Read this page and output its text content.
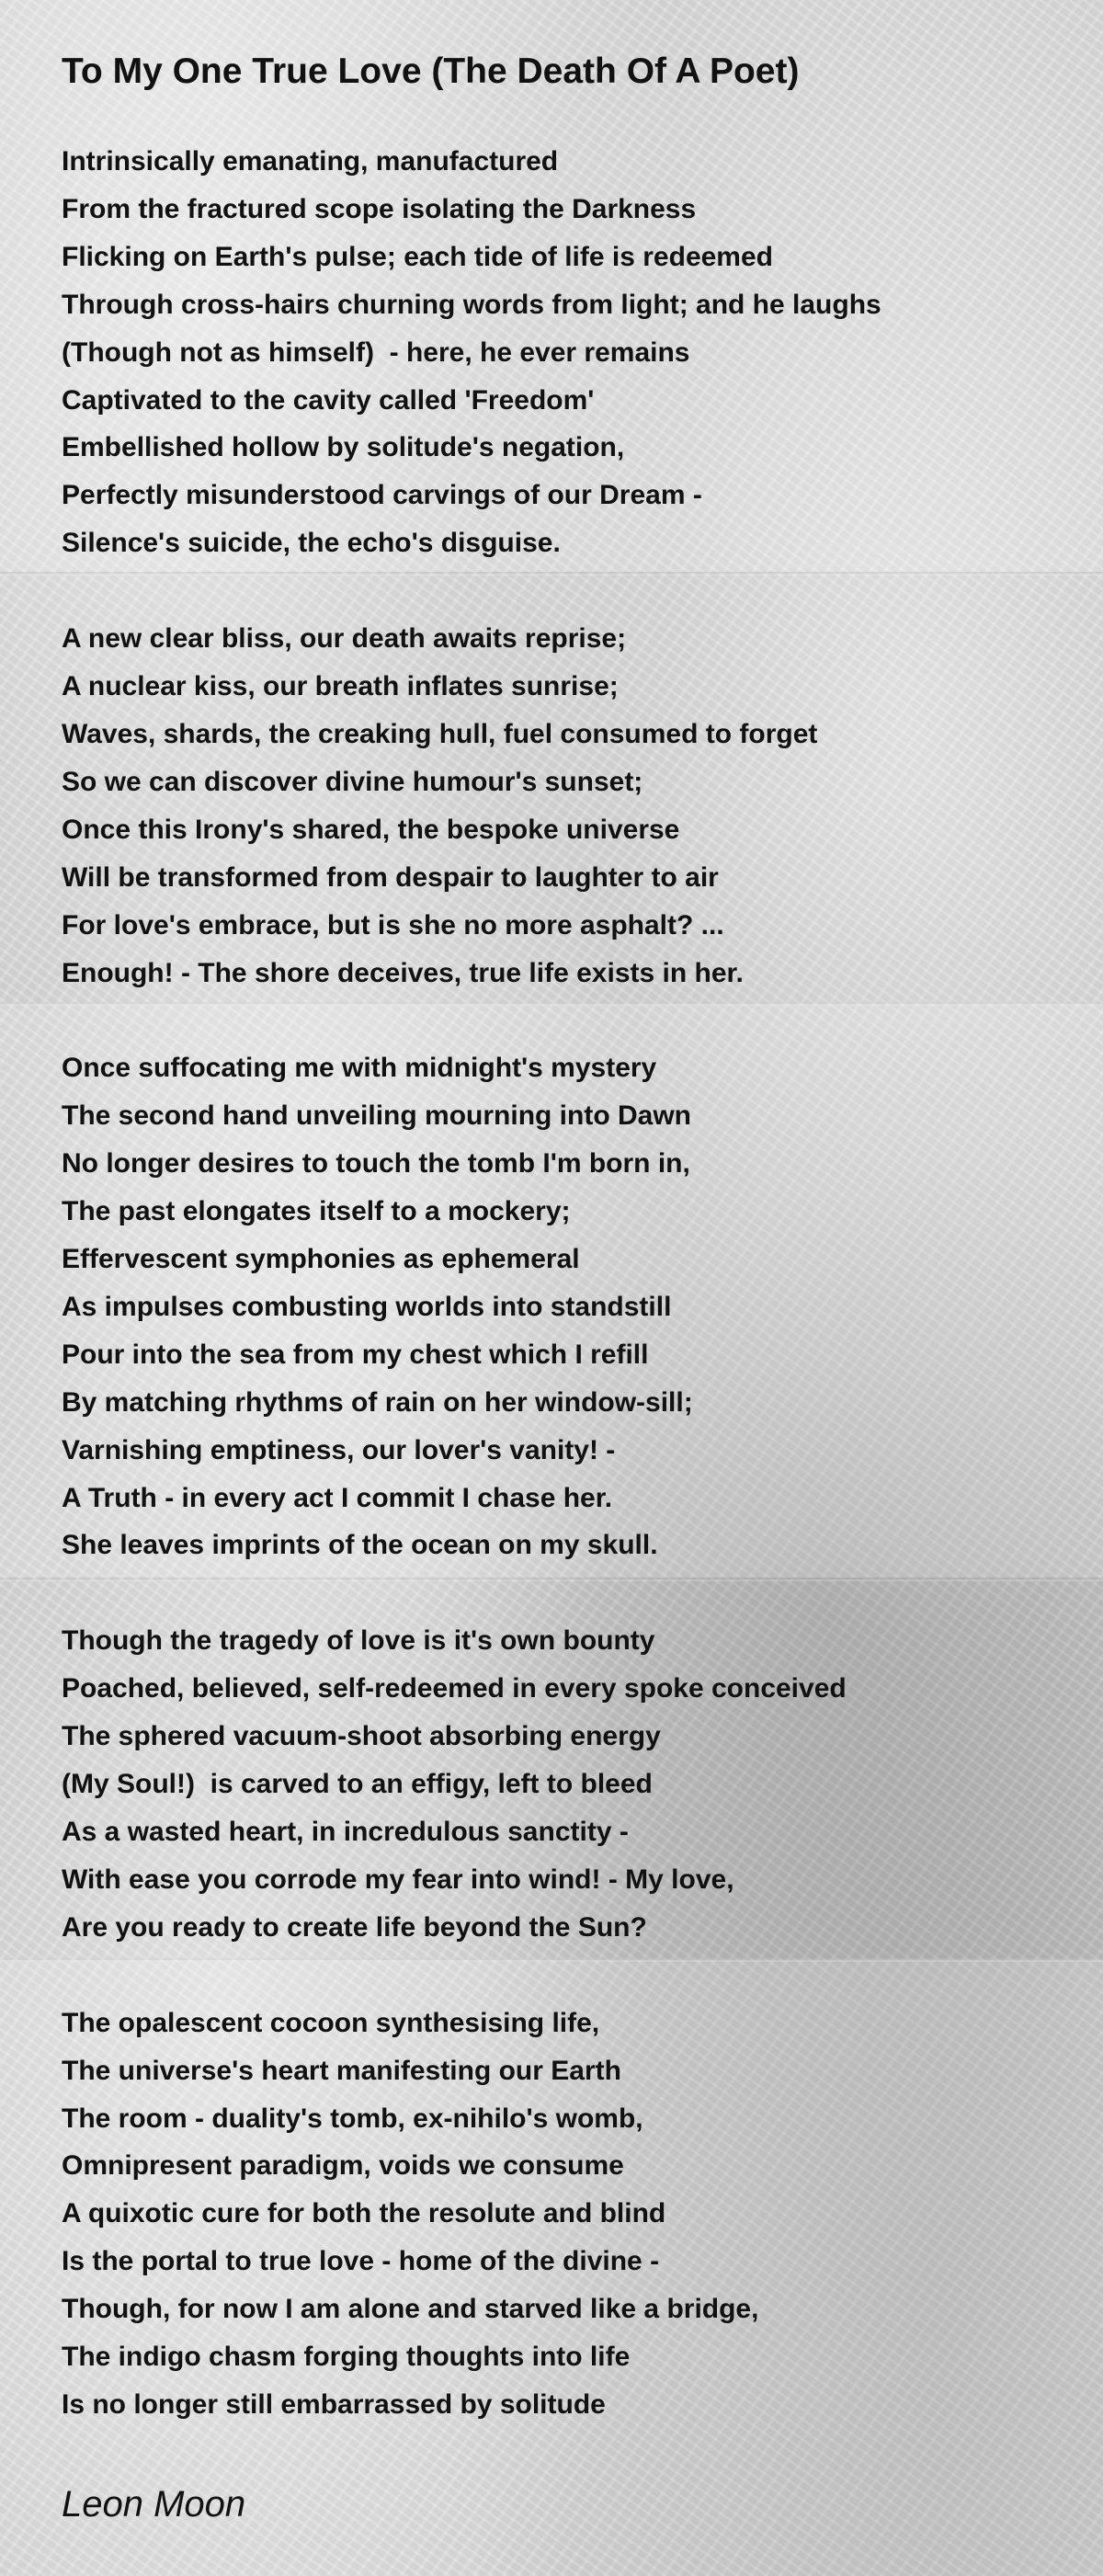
To My One True Love (The Death Of A Poet)
Intrinsically emanating, manufactured
From the fractured scope isolating the Darkness
Flicking on Earth's pulse; each tide of life is redeemed
Through cross-hairs churning words from light; and he laughs
(Though not as himself)  - here, he ever remains
Captivated to the cavity called 'Freedom'
Embellished hollow by solitude's negation,
Perfectly misunderstood carvings of our Dream -
Silence's suicide, the echo's disguise.
A new clear bliss, our death awaits reprise;
A nuclear kiss, our breath inflates sunrise;
Waves, shards, the creaking hull, fuel consumed to forget
So we can discover divine humour's sunset;
Once this Irony's shared, the bespoke universe
Will be transformed from despair to laughter to air
For love's embrace, but is she no more asphalt? ...
Enough! - The shore deceives, true life exists in her.
Once suffocating me with midnight's mystery
The second hand unveiling mourning into Dawn
No longer desires to touch the tomb I'm born in,
The past elongates itself to a mockery;
Effervescent symphonies as ephemeral
As impulses combusting worlds into standstill
Pour into the sea from my chest which I refill
By matching rhythms of rain on her window-sill;
Varnishing emptiness, our lover's vanity! -
A Truth - in every act I commit I chase her.
She leaves imprints of the ocean on my skull.
Though the tragedy of love is it's own bounty
Poached, believed, self-redeemed in every spoke conceived
The sphered vacuum-shoot absorbing energy
(My Soul!)  is carved to an effigy, left to bleed
As a wasted heart, in incredulous sanctity -
With ease you corrode my fear into wind! - My love,
Are you ready to create life beyond the Sun?
The opalescent cocoon synthesising life,
The universe's heart manifesting our Earth
The room - duality's tomb, ex-nihilo's womb,
Omnipresent paradigm, voids we consume
A quixotic cure for both the resolute and blind
Is the portal to true love - home of the divine -
Though, for now I am alone and starved like a bridge,
The indigo chasm forging thoughts into life
Is no longer still embarrassed by solitude
Leon Moon
